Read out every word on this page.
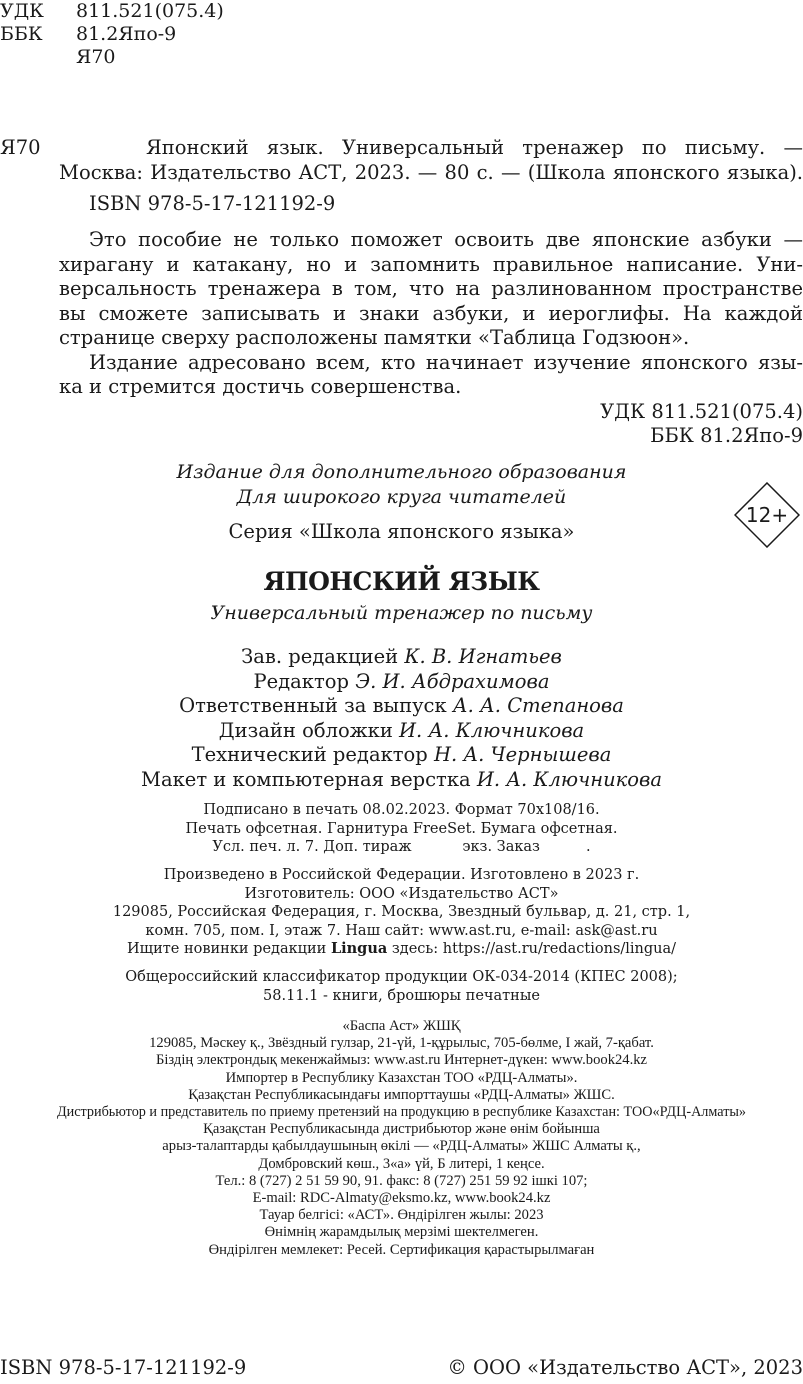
УДК	811.521(075.4)
ББК	81.2Япо-9
Я70
Я70	Японский язык. Универсальный тренажер по письму. —
Москва: Издательство АСТ, 2023. — 80 с. — (Школа японского языка).
ISBN 978-5-17-121192-9
Это пособие не только поможет освоить две японские азбуки —
хирагану и катакану, но и запомнить правильное написание. Уни-
версальность тренажера в том, что на разлинованном пространстве
вы сможете записывать и знаки азбуки, и иероглифы. На каждой
странице сверху расположены памятки «Таблица Годзюон».
Издание адресовано всем, кто начинает изучение японского язы-
ка и стремится достичь совершенства.
УДК 811.521(075.4)
ББК 81.2Япо-9
Издание для дополнительного образования
Для широкого круга читателей
Серия «Школа японского языка»
12+
ЯПОНСКИЙ ЯЗЫК
Универсальный тренажер по письму
Зав. редакцией К. В. Игнатьев
Редактор Э. И. Абдрахимова
Ответственный за выпуск А. А. Степанова
Дизайн обложки И. А. Ключникова
Технический редактор Н. А. Чернышева
Макет и компьютерная верстка И. А. Ключникова
Подписано в печать 08.02.2023. Формат 70x108/16.
Печать офсетная. Гарнитура FreeSet. Бумага офсетная.
Усл. печ. л. 7. Доп. тираж           экз. Заказ          .
Произведено в Российской Федерации. Изготовлено в 2023 г.
Изготовитель: ООО «Издательство АСТ»
129085, Российская Федерация, г. Москва, Звездный бульвар, д. 21, стр. 1,
комн. 705, пом. I, этаж 7. Наш сайт: www.ast.ru, e-mail: ask@ast.ru
Ищите новинки редакции Lingua здесь: https://ast.ru/redactions/lingua/
Общероссийский классификатор продукции ОК-034-2014 (КПЕС 2008);
58.11.1 - книги, брошюры печатные
«Баспа Аст» ЖШҚ
129085, Мәскеу қ., Звёздный гулзар, 21-үй, 1-құрылыс, 705-бөлме, I жай, 7-қабат.
Біздің электрондық мекенжаймыз: www.ast.ru Интернет-дүкен: www.book24.kz
Импортер в Республику Казахстан ТОО «РДЦ-Алматы».
Қазақстан Республикасындағы импорттаушы «РДЦ-Алматы» ЖШС.
Дистрибьютор и представитель по приему претензий на продукцию в республике Казахстан: ТОО«РДЦ-Алматы»
Қазақстан Республикасында дистрибьютор және өнім бойынша
арыз-талаптарды қабылдаушының өкілі — «РДЦ-Алматы» ЖШС Алматы қ.,
Домбровский көш., 3«а» үй, Б литері, 1 кеңсе.
Тел.: 8 (727) 2 51 59 90, 91. факс: 8 (727) 251 59 92 ішкі 107;
E-mail: RDC-Almaty@eksmo.kz, www.book24.kz
Тауар белгісі: «АСТ». Өндірілген жылы: 2023
Өнімнің жарамдылық мерзімі шектелмеген.
Өндірілген мемлекет: Ресей. Сертификация қарастырылмаған
ISBN 978-5-17-121192-9	© ООО «Издательство АСТ», 2023
